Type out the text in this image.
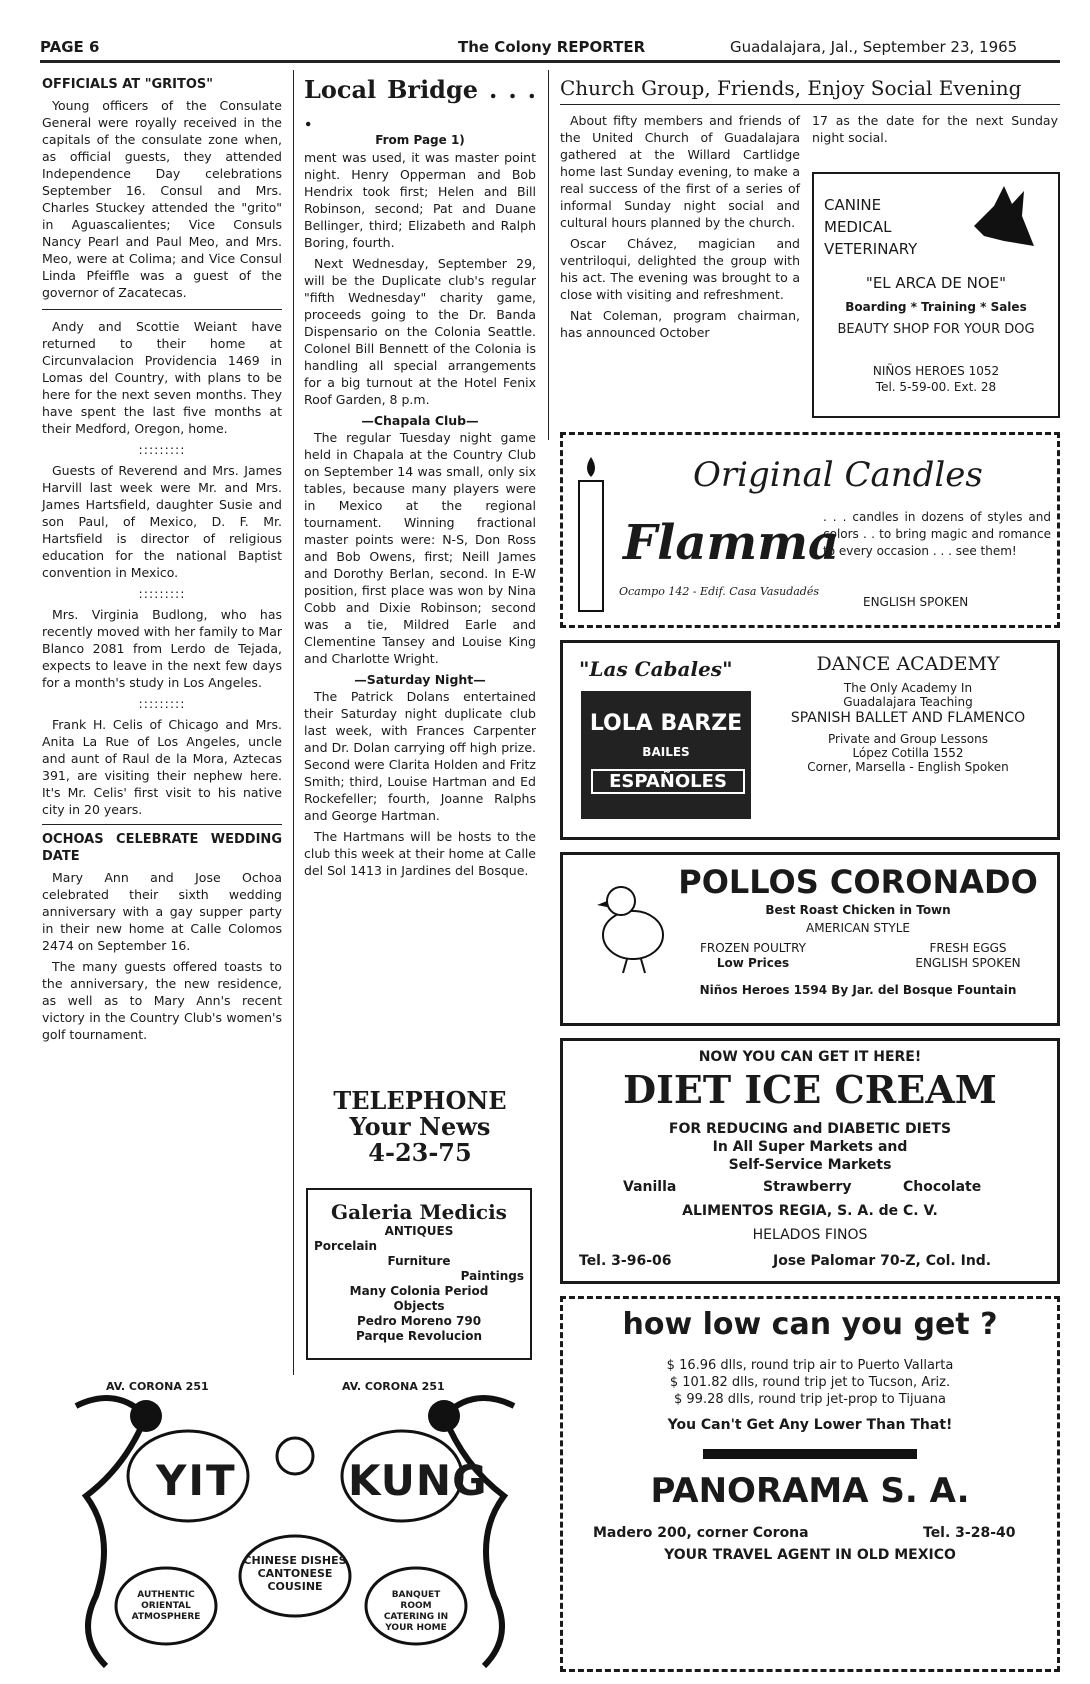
PAGE 6	The Colony REPORTER	Guadalajara, Jal., September 23, 1965
OFFICIALS AT "GRITOS"

Young officers of the Consulate General were royally received in the capitals of the consulate zone when, as official guests, they attended Independence Day celebrations September 16. Consul and Mrs. Charles Stuckey attended the "grito" in Aguascalientes; Vice Consuls Nancy Pearl and Paul Meo, and Mrs. Meo, were at Colima; and Vice Consul Linda Pfeiffle was a guest of the governor of Zacatecas.

Andy and Scottie Weiant have returned to their home at Circunvalacion Providencia 1469 in Lomas del Country, with plans to be here for the next seven months. They have spent the last five months at their Medford, Oregon, home.

:::::::::

Guests of Reverend and Mrs. James Harvill last week were Mr. and Mrs. James Hartsfield, daughter Susie and son Paul, of Mexico, D. F. Mr. Hartsfield is director of religious education for the national Baptist convention in Mexico.

:::::::::

Mrs. Virginia Budlong, who has recently moved with her family to Mar Blanco 2081 from Lerdo de Tejada, expects to leave in the next few days for a month's study in Los Angeles.

:::::::::

Frank H. Celis of Chicago and Mrs. Anita La Rue of Los Angeles, uncle and aunt of Raul de la Mora, Aztecas 391, are visiting their nephew here. It's Mr. Celis' first visit to his native city in 20 years.

OCHOAS CELEBRATE WEDDING DATE

Mary Ann and Jose Ochoa celebrated their sixth wedding anniversary with a gay supper party in their new home at Calle Colomos 2474 on September 16.

The many guests offered toasts to the anniversary, the new residence, as well as to Mary Ann's recent victory in the Country Club's women's golf tournament.

Local Bridge . . . .
From Page 1)

ment was used, it was master point night. Henry Opperman and Bob Hendrix took first; Helen and Bill Robinson, second; Pat and Duane Bellinger, third; Elizabeth and Ralph Boring, fourth.

Next Wednesday, September 29, will be the Duplicate club's regular "fifth Wednesday" charity game, proceeds going to the Dr. Banda Dispensario on the Colonia Seattle. Colonel Bill Bennett of the Colonia is handling all special arrangements for a big turnout at the Hotel Fenix Roof Garden, 8 p.m.

—Chapala Club—

The regular Tuesday night game held in Chapala at the Country Club on September 14 was small, only six tables, because many players were in Mexico at the regional tournament. Winning fractional master points were: N-S, Don Ross and Bob Owens, first; Neill James and Dorothy Berlan, second. In E-W position, first place was won by Nina Cobb and Dixie Robinson; second was a tie, Mildred Earle and Clementine Tansey and Louise King and Charlotte Wright.

—Saturday Night—

The Patrick Dolans entertained their Saturday night duplicate club last week, with Frances Carpenter and Dr. Dolan carrying off high prize. Second were Clarita Holden and Fritz Smith; third, Louise Hartman and Ed Rockefeller; fourth, Joanne Ralphs and George Hartman.

The Hartmans will be hosts to the club this week at their home at Calle del Sol 1413 in Jardines del Bosque.

TELEPHONE
Your News
4-23-75
Galeria Medicis
ANTIQUES
Porcelain
Furniture
Paintings
Many Colonia Period
Objects
Pedro Moreno 790
Parque Revolucion
AV. CORONA 251	AV. CORONA 251
YIT	KUNG
CHINESE DISHES
CANTONESE
COUSINE
AUTHENTIC ORIENTAL ATMOSPHERE
BANQUET ROOM CATERING IN YOUR HOME
Church Group, Friends, Enjoy Social Evening

About fifty members and friends of the United Church of Guadalajara gathered at the Willard Cartlidge home last Sunday evening, to make a real success of the first of a series of informal Sunday night social and cultural hours planned by the church.

Oscar Chávez, magician and ventriloqui, delighted the group with his act. The evening was brought to a close with visiting and refreshment.

Nat Coleman, program chairman, has announced October

17 as the date for the next Sunday night social.

CANINE
MEDICAL
VETERINARY
"EL ARCA DE NOE"
Boarding * Training * Sales
BEAUTY SHOP FOR YOUR DOG
NIÑOS HEROES 1052
Tel. 5-59-00. Ext. 28
Original Candles
Flamma
Ocampo 142 - Edif. Casa Vasudadés
. . . candles in dozens of styles and colors . . to bring magic and romance to every occasion . . . see them!
ENGLISH SPOKEN
"Las Cabales"
LOLA BARZE
BAILES
ESPAÑOLES
DANCE ACADEMY
The Only Academy In
Guadalajara Teaching
SPANISH BALLET AND FLAMENCO
Private and Group Lessons
López Cotilla 1552
Corner, Marsella - English Spoken
POLLOS CORONADO
Best Roast Chicken in Town
AMERICAN STYLE
FROZEN POULTRY
Low Prices
FRESH EGGS
ENGLISH SPOKEN
Niños Heroes 1594 By Jar. del Bosque Fountain
NOW YOU CAN GET IT HERE!
DIET ICE CREAM
FOR REDUCING and DIABETIC DIETS
In All Super Markets and
Self-Service Markets
Vanilla	Strawberry	Chocolate
ALIMENTOS REGIA, S. A. de C. V.
HELADOS FINOS
Tel. 3-96-06	Jose Palomar 70-Z, Col. Ind.
how low can you get ?
$ 16.96 dlls, round trip air to Puerto Vallarta
$ 101.82 dlls, round trip jet to Tucson, Ariz.
$ 99.28 dlls, round trip jet-prop to Tijuana
You Can't Get Any Lower Than That!
PANORAMA S. A.
Madero 200, corner Corona	Tel. 3-28-40
YOUR TRAVEL AGENT IN OLD MEXICO
